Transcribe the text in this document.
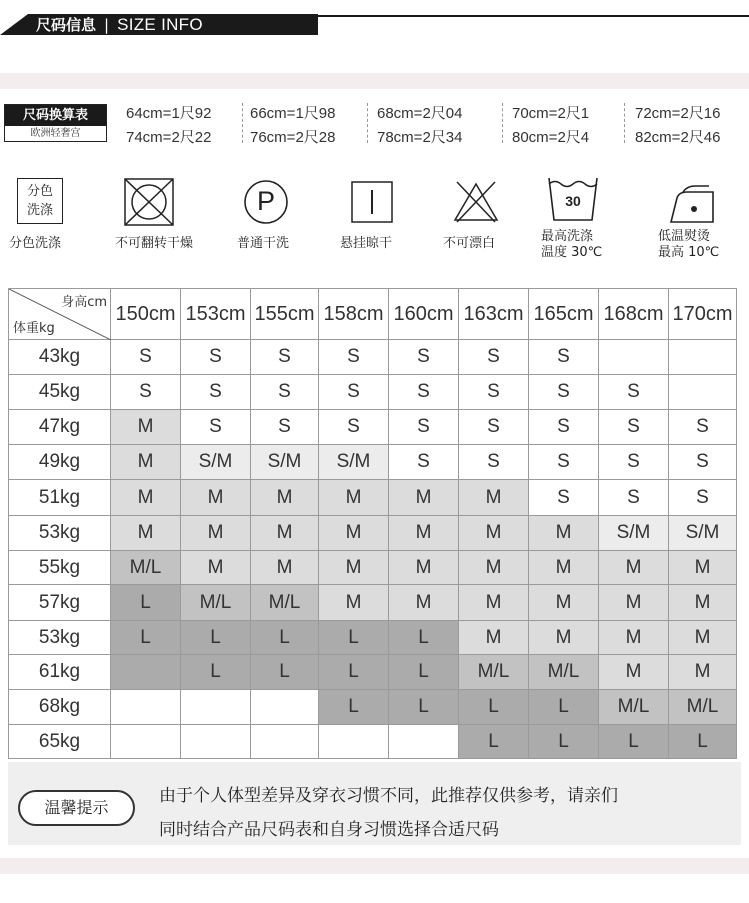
尺码信息 | SIZE INFO
尺码换算表
欧洲轻奢宫
64cm=1尺92	66cm=1尺98	68cm=2尺04	70cm=2尺1	72cm=2尺16
74cm=2尺22	76cm=2尺28	78cm=2尺34	80cm=2尺4	82cm=2尺46
分色
洗涤
分色洗涤	不可翻转干燥
P
普通干洗	悬挂晾干	不可漂白
30
最高洗涤
温度 30℃
低温熨烫
最高 10℃
身高cm
体重kg	150cm	153cm	155cm	158cm	160cm	163cm	165cm	168cm	170cm
43kg	S	S	S	S	S	S	S		
45kg	S	S	S	S	S	S	S	S	
47kg	M	S	S	S	S	S	S	S	S
49kg	M	S/M	S/M	S/M	S	S	S	S	S
51kg	M	M	M	M	M	M	S	S	S
53kg	M	M	M	M	M	M	M	S/M	S/M
55kg	M/L	M	M	M	M	M	M	M	M
57kg	L	M/L	M/L	M	M	M	M	M	M
53kg	L	L	L	L	L	M	M	M	M
61kg		L	L	L	L	M/L	M/L	M	M
68kg				L	L	L	L	M/L	M/L
65kg						L	L	L	L
温馨提示
由于个人体型差异及穿衣习惯不同，此推荐仅供参考，请亲们
同时结合产品尺码表和自身习惯选择合适尺码
